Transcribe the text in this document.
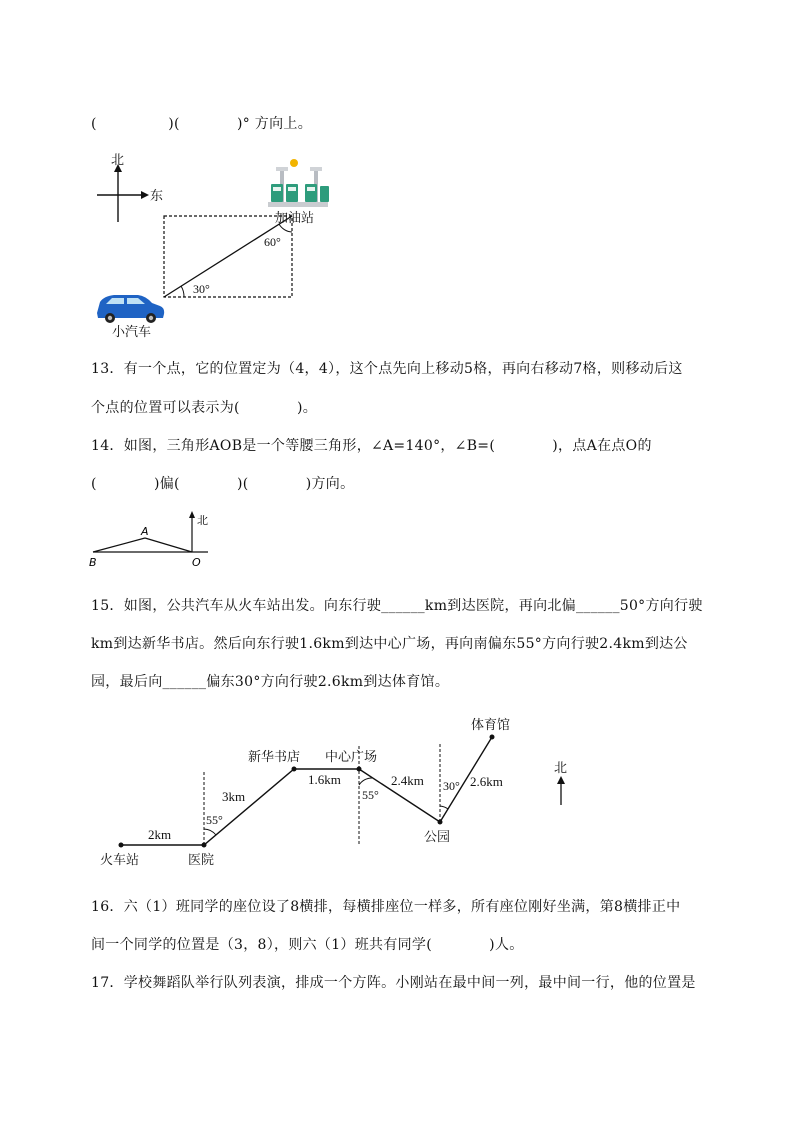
(　　　　　)(　　　　)° 方向上。
北
东
60°
30°
加油站
小汽车
13．有一个点，它的位置定为（4，4），这个点先向上移动5格，再向右移动7格，则移动后这
个点的位置可以表示为(　　　　)。
14．如图，三角形AOB是一个等腰三角形，∠A=140°，∠B=(　　　　)，点A在点O的
(　　　　)偏(　　　　)(　　　　)方向。
A
B	O
北
15．如图，公共汽车从火车站出发。向东行驶______km到达医院，再向北偏______50°方向行驶
km到达新华书店。然后向东行驶1.6km到达中心广场，再向南偏东55°方向行驶2.4km到达公
园，最后向______偏东30°方向行驶2.6km到达体育馆。
北
火车站	医院
新华书店 中心广场
公园
体育馆
2km
3km
1.6km	2.4km	2.6km
55°
55°
30°
16．六（1）班同学的座位设了8横排，每横排座位一样多，所有座位刚好坐满，第8横排正中
间一个同学的位置是（3，8），则六（1）班共有同学(　　　　)人。
17．学校舞蹈队举行队列表演，排成一个方阵。小刚站在最中间一列，最中间一行，他的位置是
